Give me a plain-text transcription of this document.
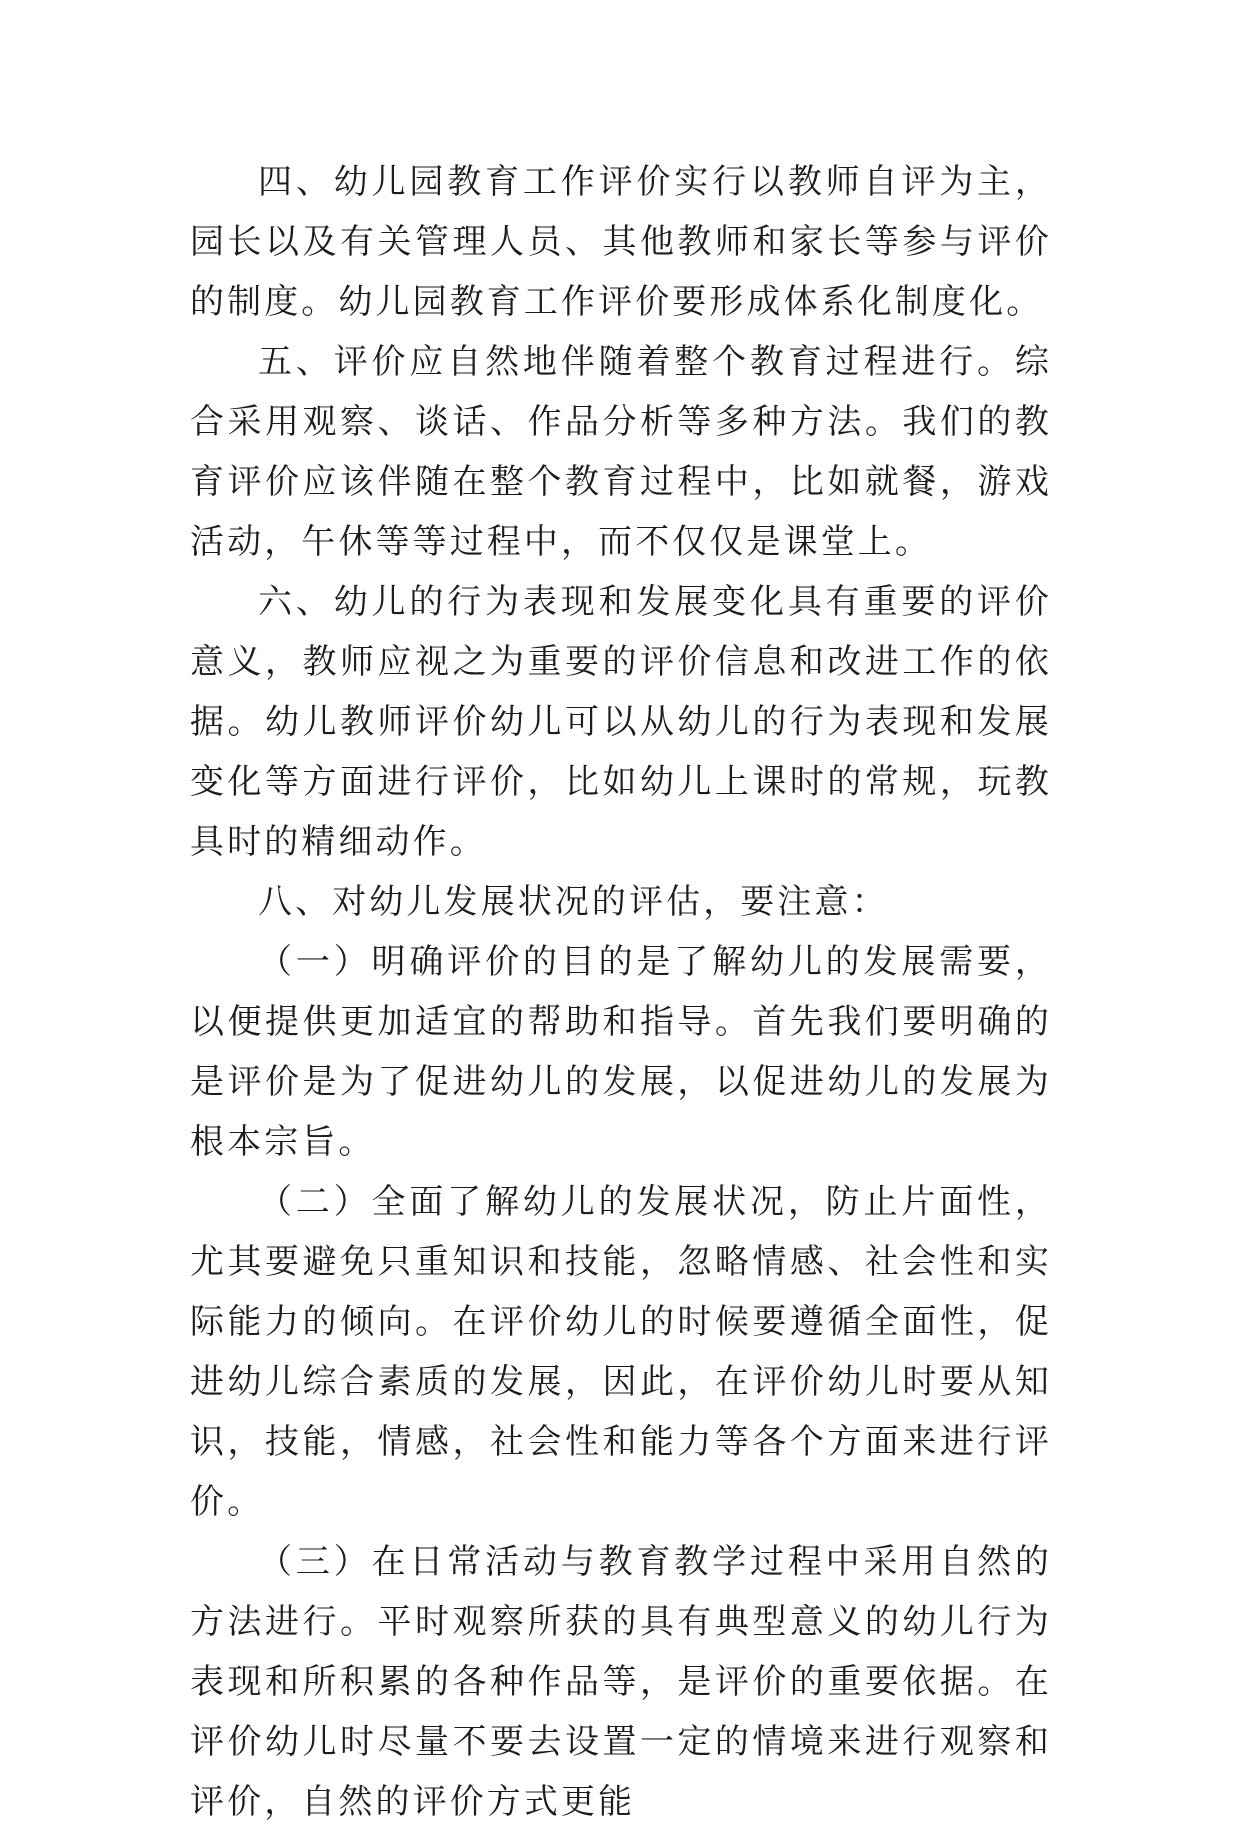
四、幼儿园教育工作评价实行以教师自评为主，园长以及有关管理人员、其他教师和家长等参与评价的制度。幼儿园教育工作评价要形成体系化制度化。

五、评价应自然地伴随着整个教育过程进行。综合采用观察、谈话、作品分析等多种方法。我们的教育评价应该伴随在整个教育过程中，比如就餐，游戏活动，午休等等过程中，而不仅仅是课堂上。

六、幼儿的行为表现和发展变化具有重要的评价意义，教师应视之为重要的评价信息和改进工作的依据。幼儿教师评价幼儿可以从幼儿的行为表现和发展变化等方面进行评价，比如幼儿上课时的常规，玩教具时的精细动作。

八、对幼儿发展状况的评估，要注意：

（一）明确评价的目的是了解幼儿的发展需要，以便提供更加适宜的帮助和指导。首先我们要明确的是评价是为了促进幼儿的发展，以促进幼儿的发展为根本宗旨。

（二）全面了解幼儿的发展状况，防止片面性，尤其要避免只重知识和技能，忽略情感、社会性和实际能力的倾向。在评价幼儿的时候要遵循全面性，促进幼儿综合素质的发展，因此，在评价幼儿时要从知识，技能，情感，社会性和能力等各个方面来进行评价。

（三）在日常活动与教育教学过程中采用自然的方法进行。平时观察所获的具有典型意义的幼儿行为表现和所积累的各种作品等，是评价的重要依据。在评价幼儿时尽量不要去设置一定的情境来进行观察和评价，自然的评价方式更能
